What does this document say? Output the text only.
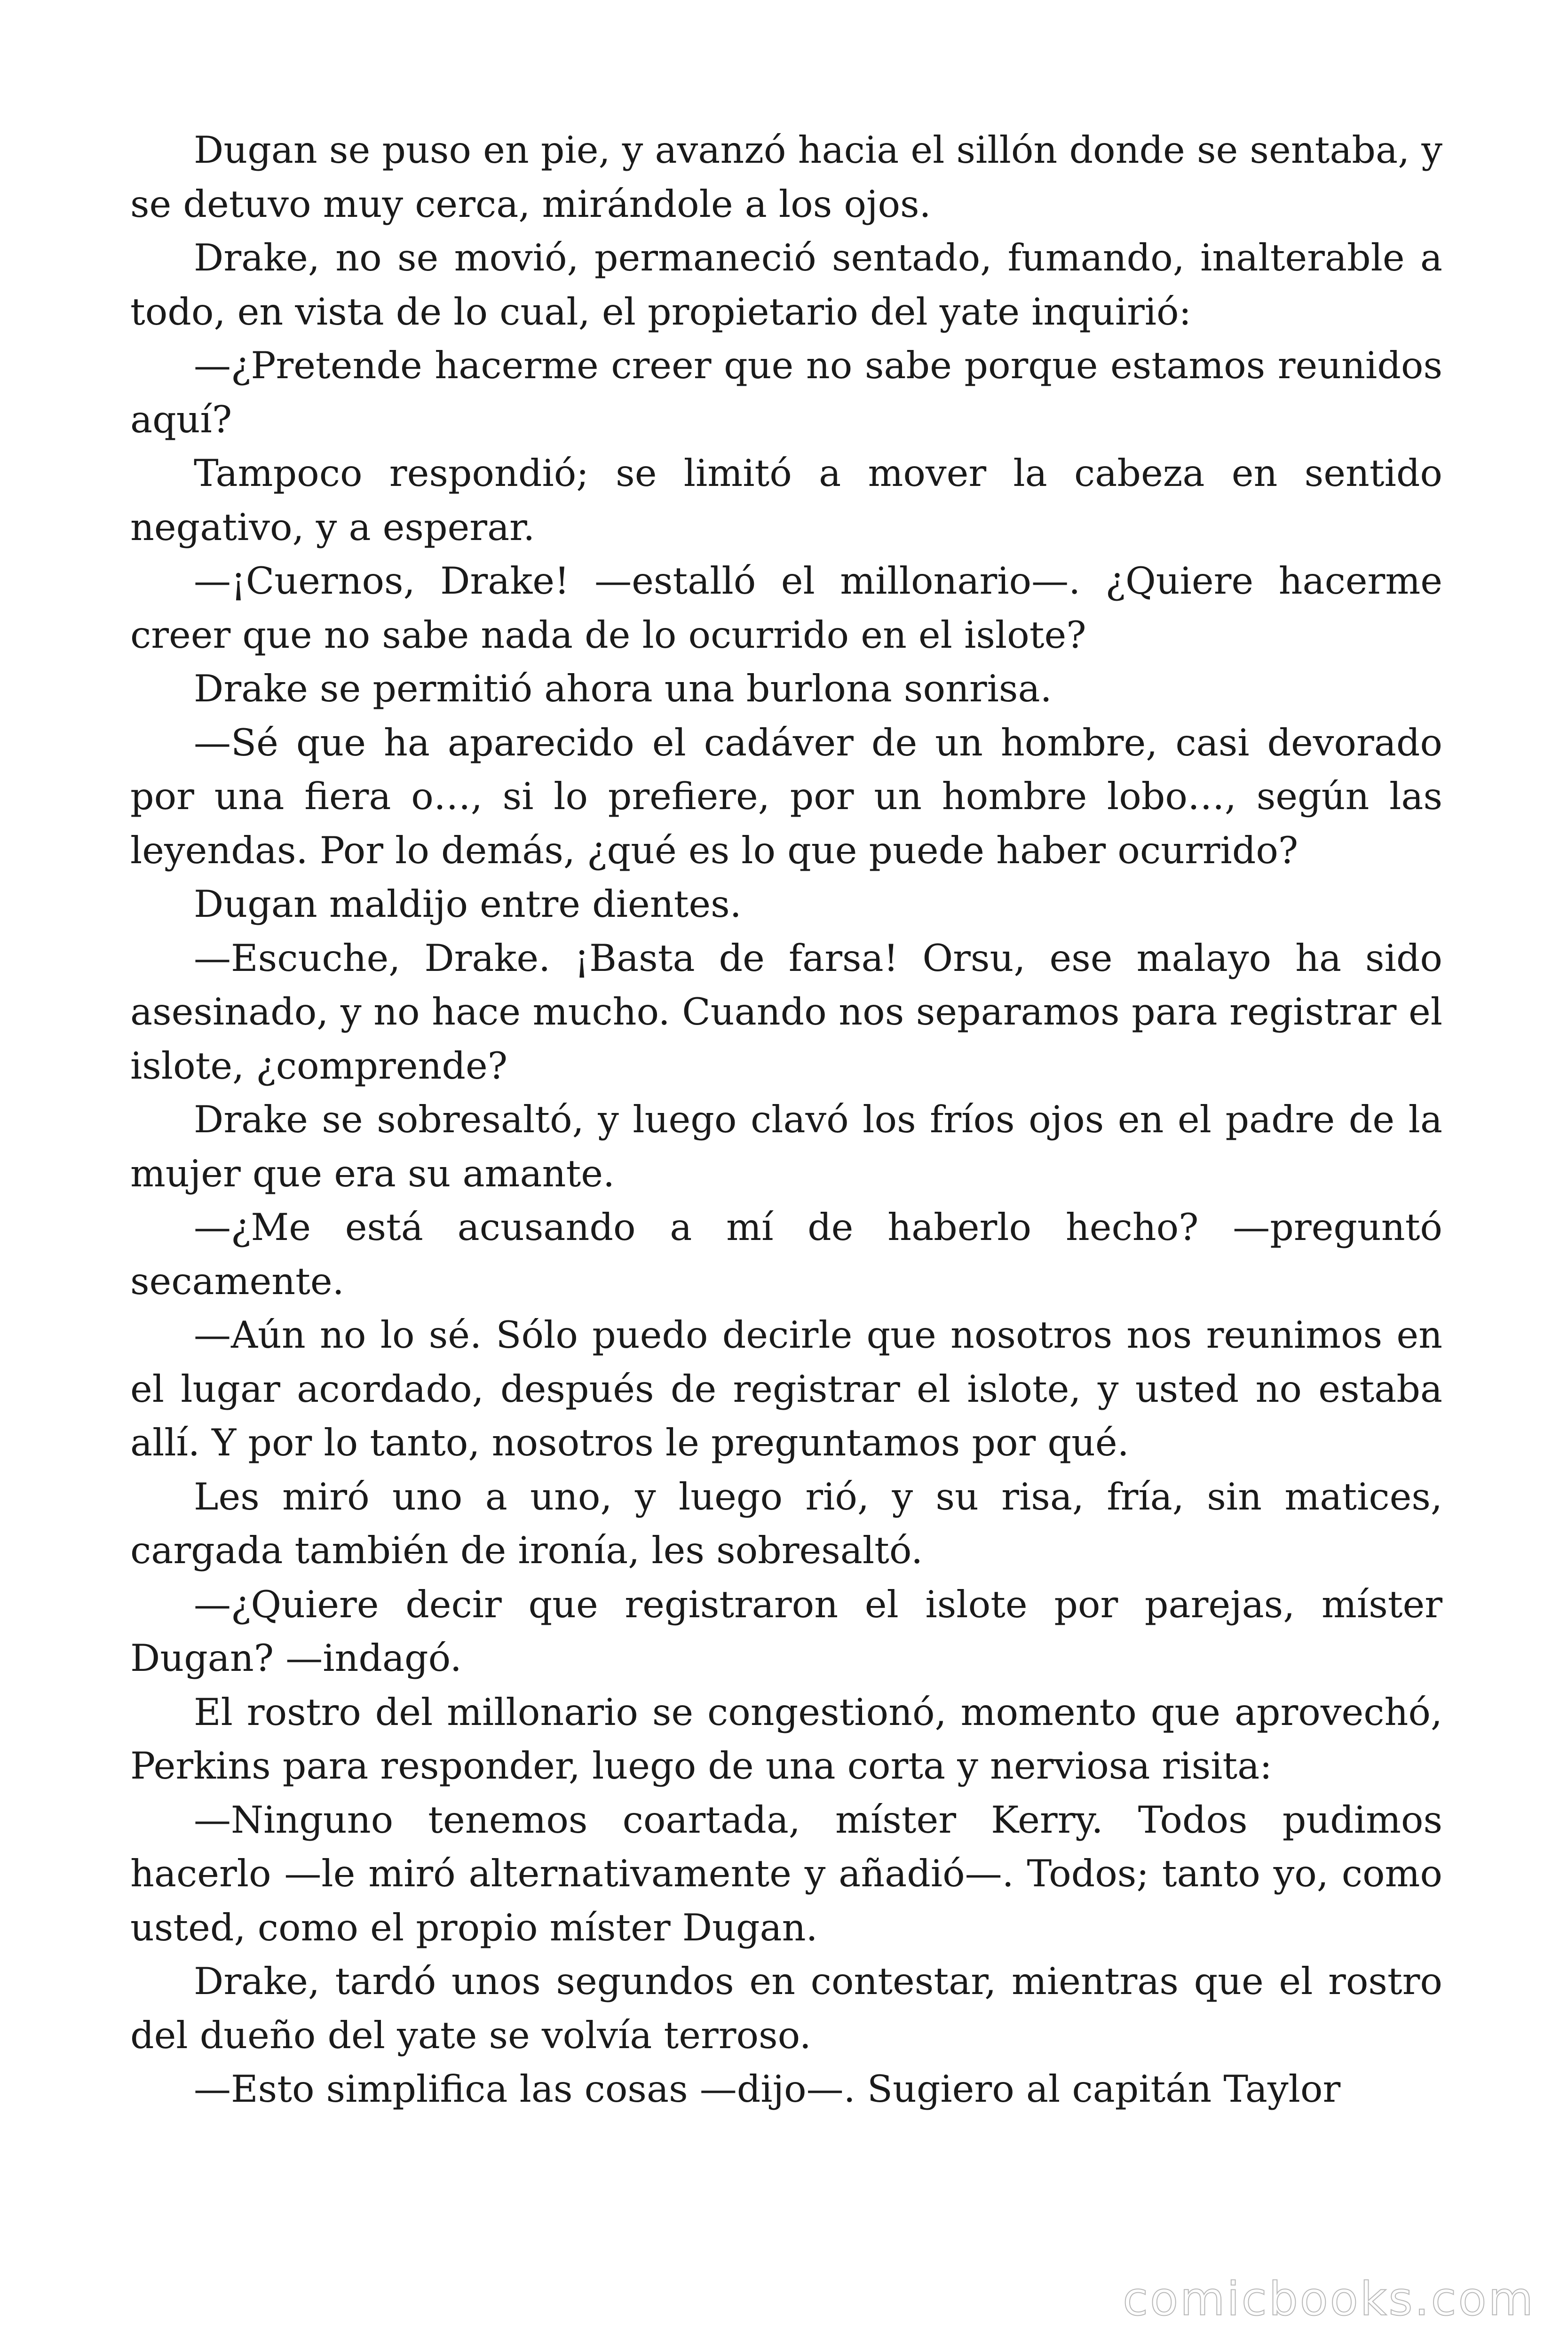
Dugan se puso en pie, y avanzó hacia el sillón donde se sentaba, y se detuvo muy cerca, mirándole a los ojos.

Drake, no se movió, permaneció sentado, fumando, inalterable a todo, en vista de lo cual, el propietario del yate inquirió:

—¿Pretende hacerme creer que no sabe porque estamos reunidos aquí?

Tampoco respondió; se limitó a mover la cabeza en sentido negativo, y a esperar.

—¡Cuernos, Drake! —estalló el millonario—. ¿Quiere hacerme creer que no sabe nada de lo ocurrido en el islote?

Drake se permitió ahora una burlona sonrisa.

—Sé que ha aparecido el cadáver de un hombre, casi devorado por una fiera o…, si lo prefiere, por un hombre lobo…, según las leyendas. Por lo demás, ¿qué es lo que puede haber ocurrido?

Dugan maldijo entre dientes.

—Escuche, Drake. ¡Basta de farsa! Orsu, ese malayo ha sido asesinado, y no hace mucho. Cuando nos separamos para registrar el islote, ¿comprende?

Drake se sobresaltó, y luego clavó los fríos ojos en el padre de la mujer que era su amante.

—¿Me está acusando a mí de haberlo hecho? —preguntó secamente.

—Aún no lo sé. Sólo puedo decirle que nosotros nos reunimos en el lugar acordado, después de registrar el islote, y usted no estaba allí. Y por lo tanto, nosotros le preguntamos por qué.

Les miró uno a uno, y luego rió, y su risa, fría, sin matices, cargada también de ironía, les sobresaltó.

—¿Quiere decir que registraron el islote por parejas, míster Dugan? —indagó.

El rostro del millonario se congestionó, momento que aprovechó, Perkins para responder, luego de una corta y nerviosa risita:

—Ninguno tenemos coartada, míster Kerry. Todos pudimos hacerlo —le miró alternativamente y añadió—. Todos; tanto yo, como usted, como el propio míster Dugan.

Drake, tardó unos segundos en contestar, mientras que el rostro del dueño del yate se volvía terroso.

—Esto simplifica las cosas —dijo—. Sugiero al capitán Taylor

comicbooks.com
